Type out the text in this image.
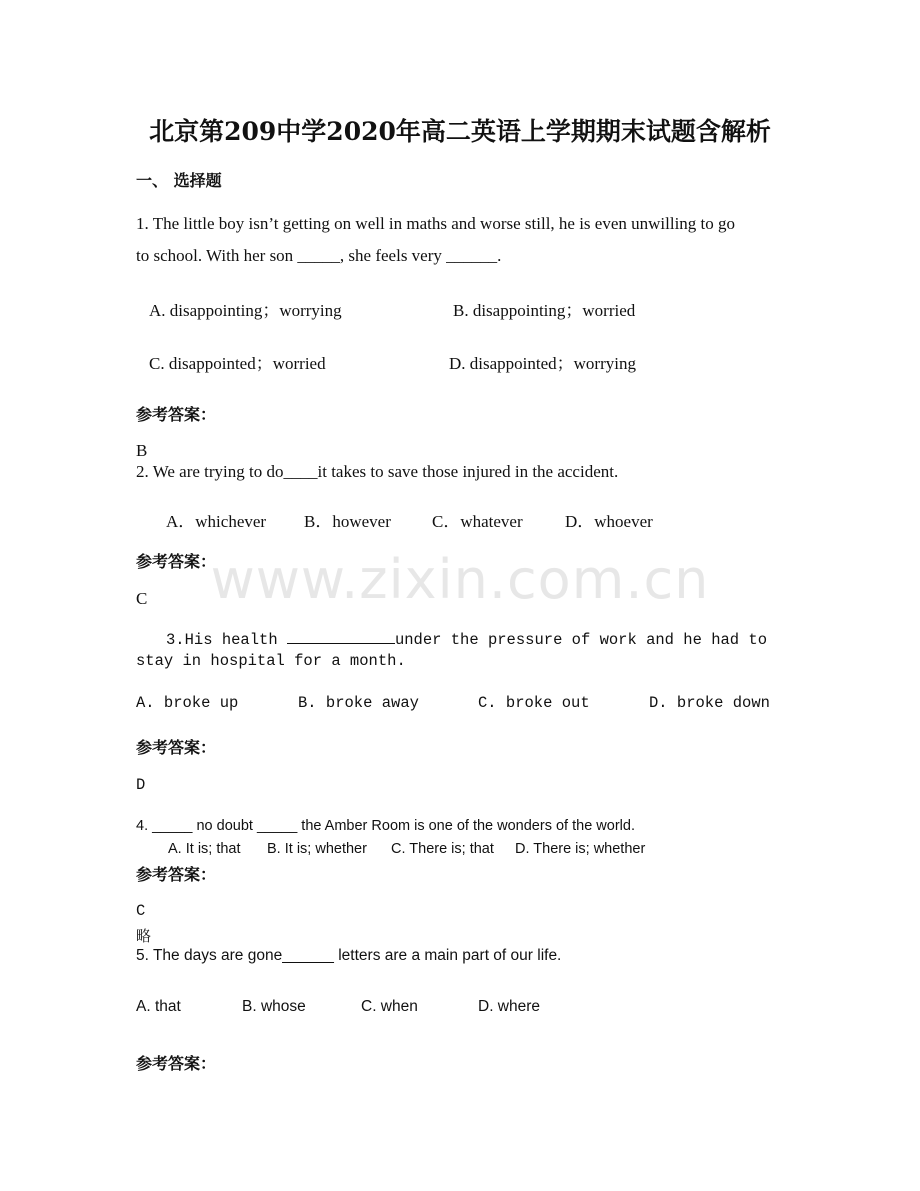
北京第209中学2020年高二英语上学期期末试题含解析
www.zixin.com.cn
一、 选择题
1. The little boy isn’t getting on well in maths and worse still, he is even unwilling to go
to school. With her son _____, she feels very ______.
A. disappointing；worrying	B. disappointing；worried
C. disappointed；worried	D. disappointed；worrying
参考答案：
B
2. We are trying to do____it takes to save those injured in the accident.
A．whichever B．however C．whatever D．whoever
参考答案：
C
3.His health	under the pressure of work and he had to
stay in hospital for a month.
A. broke up	B. broke away	C. broke out	D. broke down
参考答案：
D
4. _____ no doubt _____ the Amber Room is one of the wonders of the world.
A. It is; that B. It is; whether C. There is; that D. There is; whether
参考答案：
C
略
5. The days are gone______ letters are a main part of our life.
A. that	B. whose	C. when	D. where
参考答案：
